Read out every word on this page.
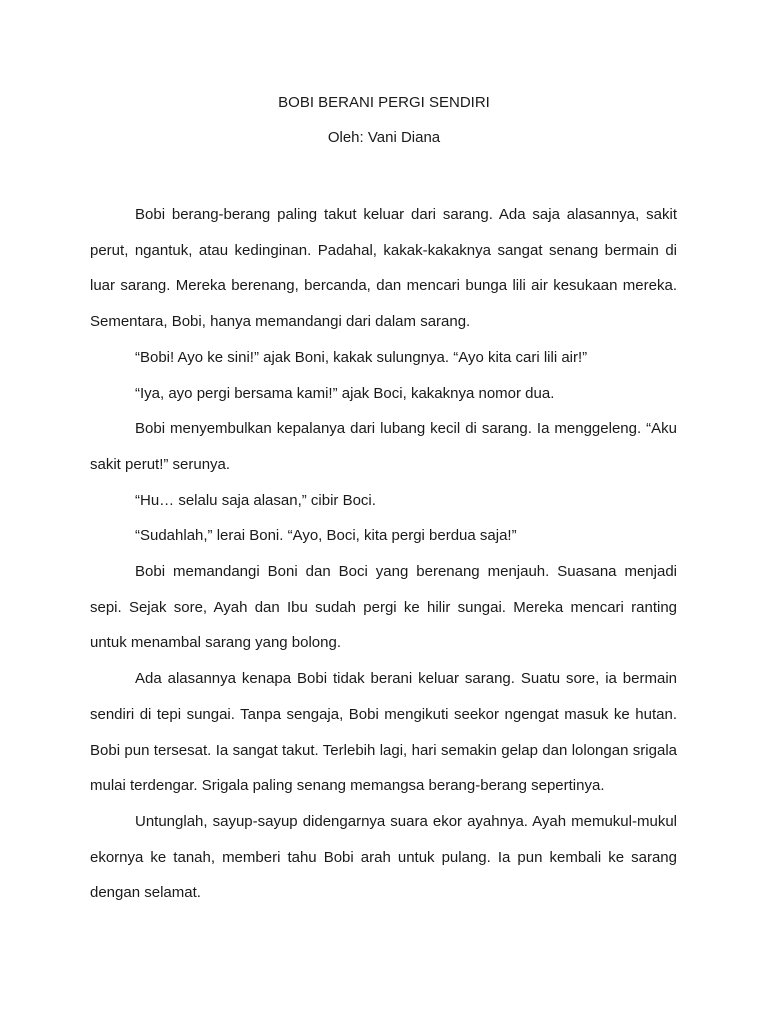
BOBI BERANI PERGI SENDIRI

Oleh: Vani Diana

Bobi berang-berang paling takut keluar dari sarang. Ada saja alasannya, sakit perut, ngantuk, atau kedinginan. Padahal, kakak-kakaknya sangat senang bermain di luar sarang. Mereka berenang, bercanda, dan mencari bunga lili air kesukaan mereka. Sementara, Bobi, hanya memandangi dari dalam sarang.

“Bobi! Ayo ke sini!” ajak Boni, kakak sulungnya. “Ayo kita cari lili air!”

“Iya, ayo pergi bersama kami!” ajak Boci, kakaknya nomor dua.

Bobi menyembulkan kepalanya dari lubang kecil di sarang. Ia menggeleng. “Aku sakit perut!” serunya.

“Hu… selalu saja alasan,” cibir Boci.

“Sudahlah,” lerai Boni. “Ayo, Boci, kita pergi berdua saja!”

Bobi memandangi Boni dan Boci yang berenang menjauh. Suasana menjadi sepi. Sejak sore, Ayah dan Ibu sudah pergi ke hilir sungai. Mereka mencari ranting untuk menambal sarang yang bolong.

Ada alasannya kenapa Bobi tidak berani keluar sarang. Suatu sore, ia bermain sendiri di tepi sungai. Tanpa sengaja, Bobi mengikuti seekor ngengat masuk ke hutan. Bobi pun tersesat. Ia sangat takut. Terlebih lagi, hari semakin gelap dan lolongan srigala mulai terdengar. Srigala paling senang memangsa berang-berang sepertinya.

Untunglah, sayup-sayup didengarnya suara ekor ayahnya. Ayah memukul-mukul ekornya ke tanah, memberi tahu Bobi arah untuk pulang. Ia pun kembali ke sarang dengan selamat.
